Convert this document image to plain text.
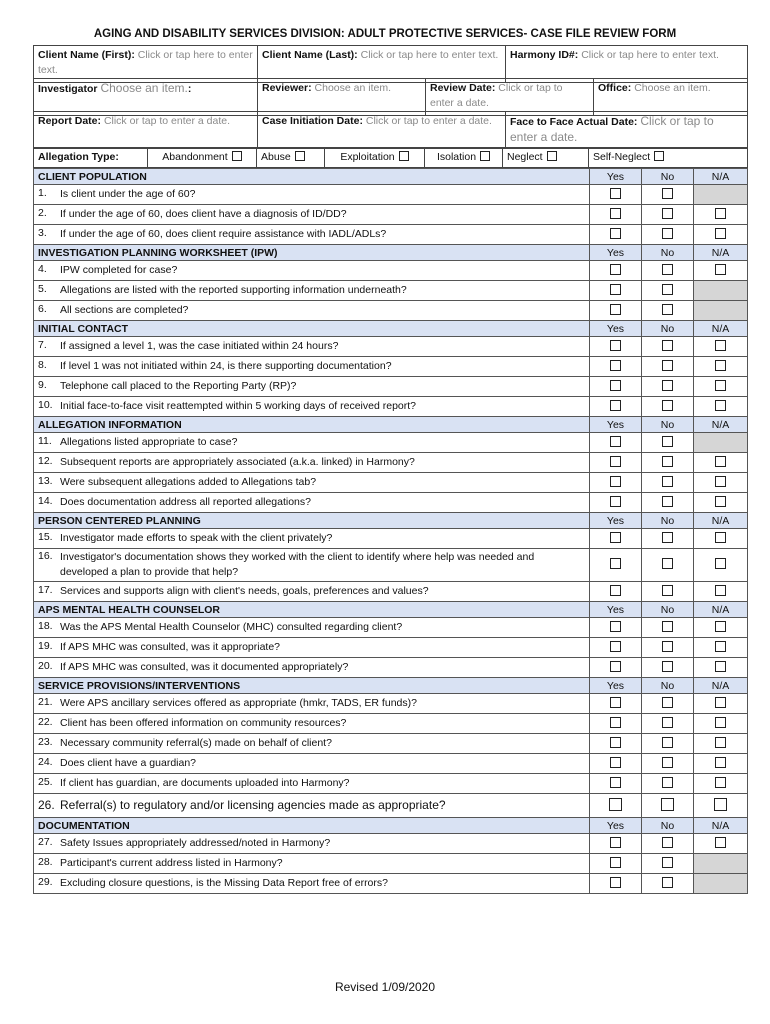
AGING AND DISABILITY SERVICES DIVISION: ADULT PROTECTIVE SERVICES- CASE FILE REVIEW FORM
Client Name (First): Click or tap here to enter text.	Client Name (Last): Click or tap here to enter text.	Harmony ID#: Click or tap here to enter text.
Investigator Choose an item.:	Reviewer: Choose an item.	Review Date: Click or tap to enter a date.	Office: Choose an item.
Report Date: Click or tap to enter a date.	Case Initiation Date: Click or tap to enter a date.	Face to Face Actual Date: Click or tap to enter a date.
Allegation Type:	Abandonment	Abuse	Exploitation	Isolation	Neglect	Self-Neglect
CLIENT POPULATION	Yes	No	N/A
1. Is client under the age of 60?			
2. If under the age of 60, does client have a diagnosis of ID/DD?			
3. If under the age of 60, does client require assistance with IADL/ADLs?			
INVESTIGATION PLANNING WORKSHEET (IPW)	Yes	No	N/A
4. IPW completed for case?			
5. Allegations are listed with the reported supporting information underneath?			
6. All sections are completed?			
INITIAL CONTACT	Yes	No	N/A
7. If assigned a level 1, was the case initiated within 24 hours?			
8. If level 1 was not initiated within 24, is there supporting documentation?			
9. Telephone call placed to the Reporting Party (RP)?			
10. Initial face-to-face visit reattempted within 5 working days of received report?			
ALLEGATION INFORMATION	Yes	No	N/A
11. Allegations listed appropriate to case?			
12. Subsequent reports are appropriately associated (a.k.a. linked) in Harmony?			
13. Were subsequent allegations added to Allegations tab?			
14. Does documentation address all reported allegations?			
PERSON CENTERED PLANNING	Yes	No	N/A
15. Investigator made efforts to speak with the client privately?			
16. Investigator's documentation shows they worked with the client to identify where help was needed and developed a plan to provide that help?			
17. Services and supports align with client's needs, goals, preferences and values?			
APS MENTAL HEALTH COUNSELOR	Yes	No	N/A
18. Was the APS Mental Health Counselor (MHC) consulted regarding client?			
19. If APS MHC was consulted, was it appropriate?			
20. If APS MHC was consulted, was it documented appropriately?			
SERVICE PROVISIONS/INTERVENTIONS	Yes	No	N/A
21. Were APS ancillary services offered as appropriate (hmkr, TADS, ER funds)?			
22. Client has been offered information on community resources?			
23. Necessary community referral(s) made on behalf of client?			
24. Does client have a guardian?			
25. If client has guardian, are documents uploaded into Harmony?			
26. Referral(s) to regulatory and/or licensing agencies made as appropriate?			
DOCUMENTATION	Yes	No	N/A
27. Safety Issues appropriately addressed/noted in Harmony?			
28. Participant's current address listed in Harmony?			
29. Excluding closure questions, is the Missing Data Report free of errors?			
Revised 1/09/2020
